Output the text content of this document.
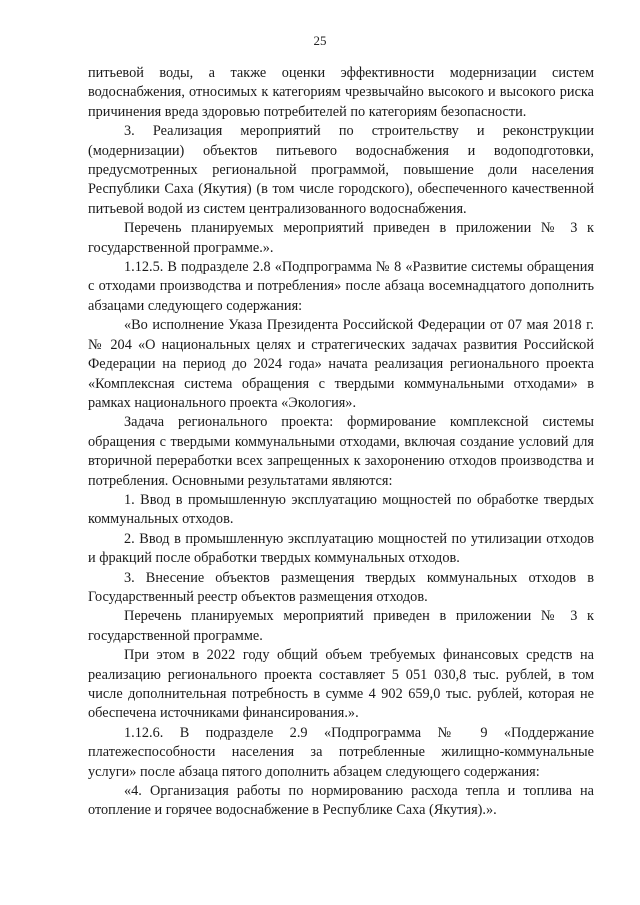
25

питьевой воды, а также оценки эффективности модернизации систем водоснабжения, относимых к категориям чрезвычайно высокого и высокого риска причинения вреда здоровью потребителей по категориям безопасности.

3. Реализация мероприятий по строительству и реконструкции (модернизации) объектов питьевого водоснабжения и водоподготовки, предусмотренных региональной программой, повышение доли населения Республики Саха (Якутия) (в том числе городского), обеспеченного качественной питьевой водой из систем централизованного водоснабжения.

Перечень планируемых мероприятий приведен в приложении № 3 к государственной программе.».

1.12.5. В подразделе 2.8 «Подпрограмма № 8 «Развитие системы обращения с отходами производства и потребления» после абзаца восемнадцатого дополнить абзацами следующего содержания:

«Во исполнение Указа Президента Российской Федерации от 07 мая 2018 г. № 204 «О национальных целях и стратегических задачах развития Российской Федерации на период до 2024 года» начата реализация регионального проекта «Комплексная система обращения с твердыми коммунальными отходами» в рамках национального проекта «Экология».

Задача регионального проекта: формирование комплексной системы обращения с твердыми коммунальными отходами, включая создание условий для вторичной переработки всех запрещенных к захоронению отходов производства и потребления. Основными результатами являются:

1. Ввод в промышленную эксплуатацию мощностей по обработке твердых коммунальных отходов.

2. Ввод в промышленную эксплуатацию мощностей по утилизации отходов и фракций после обработки твердых коммунальных отходов.

3. Внесение объектов размещения твердых коммунальных отходов в Государственный реестр объектов размещения отходов.

Перечень планируемых мероприятий приведен в приложении № 3 к государственной программе.

При этом в 2022 году общий объем требуемых финансовых средств на реализацию регионального проекта составляет 5 051 030,8 тыс. рублей, в том числе дополнительная потребность в сумме 4 902 659,0 тыс. рублей, которая не обеспечена источниками финансирования.».

1.12.6. В подразделе 2.9 «Подпрограмма № 9 «Поддержание платежеспособности населения за потребленные жилищно-коммунальные услуги» после абзаца пятого дополнить абзацем следующего содержания:

«4. Организация работы по нормированию расхода тепла и топлива на отопление и горячее водоснабжение в Республике Саха (Якутия).».
